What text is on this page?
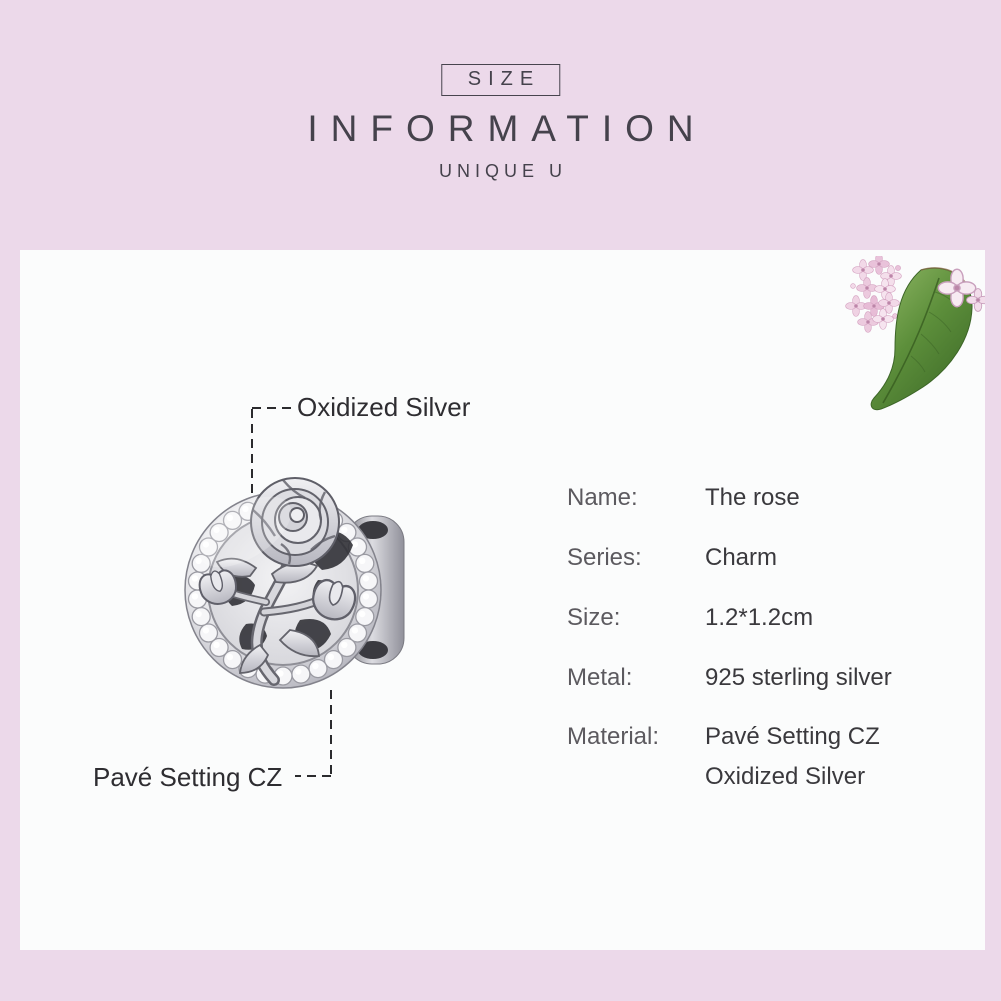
SIZE
INFORMATION
UNIQUE U
Oxidized Silver
Pavé Setting CZ
Name:	The rose
Series:	Charm
Size:	1.2*1.2cm
Metal:	925 sterling silver
Material:	Pavé Setting CZ
Oxidized Silver
